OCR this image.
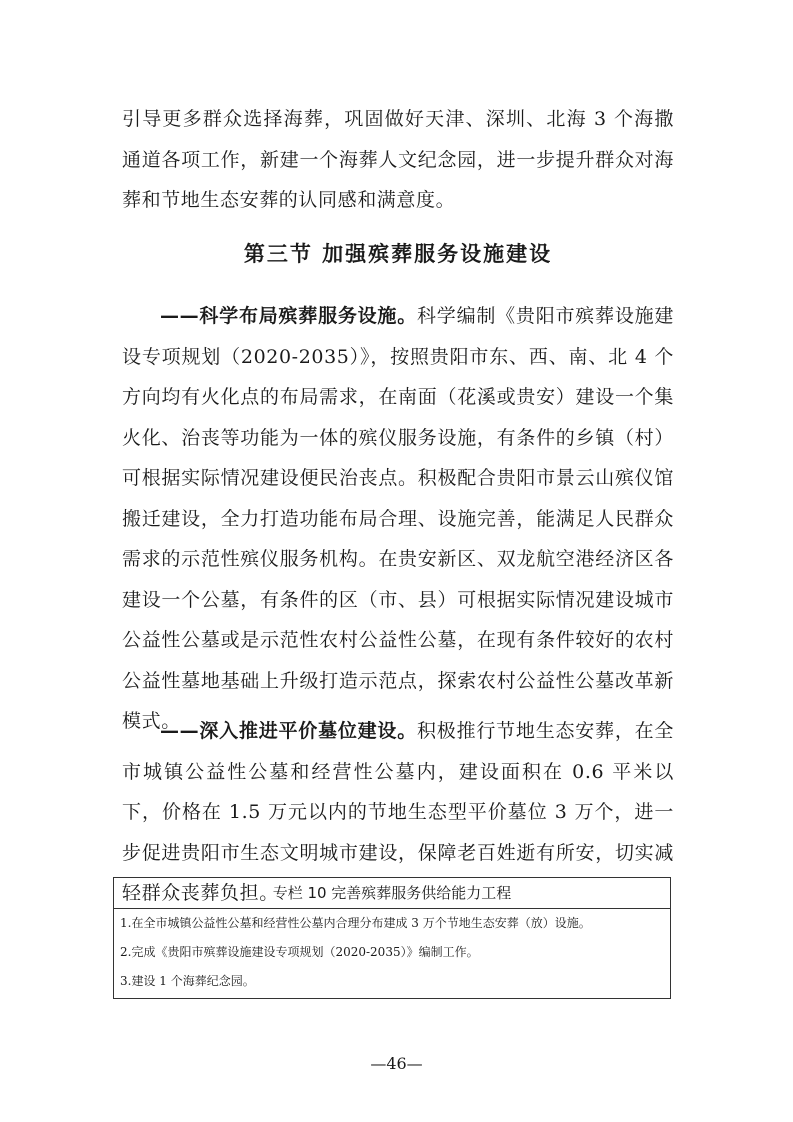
引导更多群众选择海葬，巩固做好天津、深圳、北海 3 个海撒通道各项工作，新建一个海葬人文纪念园，进一步提升群众对海葬和节地生态安葬的认同感和满意度。

第三节 加强殡葬服务设施建设

——科学布局殡葬服务设施。科学编制《贵阳市殡葬设施建设专项规划（2020-2035）》，按照贵阳市东、西、南、北 4 个方向均有火化点的布局需求，在南面（花溪或贵安）建设一个集火化、治丧等功能为一体的殡仪服务设施，有条件的乡镇（村）可根据实际情况建设便民治丧点。积极配合贵阳市景云山殡仪馆搬迁建设，全力打造功能布局合理、设施完善，能满足人民群众需求的示范性殡仪服务机构。在贵安新区、双龙航空港经济区各建设一个公墓，有条件的区（市、县）可根据实际情况建设城市公益性公墓或是示范性农村公益性公墓，在现有条件较好的农村公益性墓地基础上升级打造示范点，探索农村公益性公墓改革新模式。

——深入推进平价墓位建设。积极推行节地生态安葬，在全市城镇公益性公墓和经营性公墓内，建设面积在 0.6 平米以下，价格在 1.5 万元以内的节地生态型平价墓位 3 万个，进一步促进贵阳市生态文明城市建设，保障老百姓逝有所安，切实减轻群众丧葬负担。

专栏 10 完善殡葬服务供给能力工程
1.在全市城镇公益性公墓和经营性公墓内合理分布建成 3 万个节地生态安葬（放）设施。
2.完成《贵阳市殡葬设施建设专项规划（2020-2035）》编制工作。
3.建设 1 个海葬纪念园。
—46—
